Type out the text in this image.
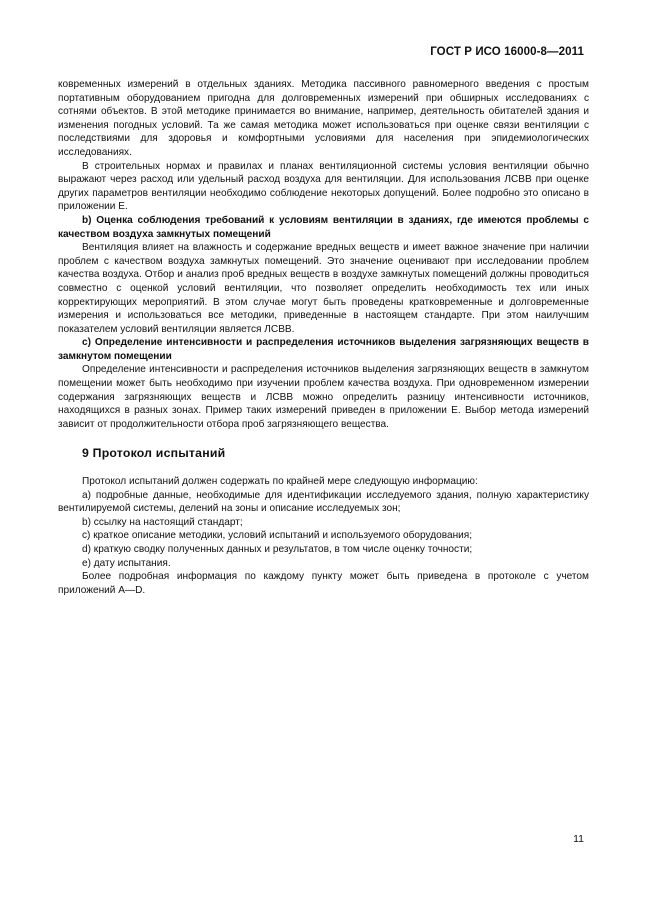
ГОСТ Р ИСО 16000-8—2011

ковременных измерений в отдельных зданиях. Методика пассивного равномерного введения с простым портативным оборудованием пригодна для долговременных измерений при обширных исследованиях с сотнями объектов. В этой методике принимается во внимание, например, деятельность обитателей здания и изменения погодных условий. Та же самая методика может использоваться при оценке связи вентиляции с последствиями для здоровья и комфортными условиями для населения при эпидемиологических исследованиях.

В строительных нормах и правилах и планах вентиляционной системы условия вентиляции обычно выражают через расход или удельный расход воздуха для вентиляции. Для использования ЛСВВ при оценке других параметров вентиляции необходимо соблюдение некоторых допущений. Более подробно это описано в приложении Е.

b) Оценка соблюдения требований к условиям вентиляции в зданиях, где имеются проблемы с качеством воздуха замкнутых помещений

Вентиляция влияет на влажность и содержание вредных веществ и имеет важное значение при наличии проблем с качеством воздуха замкнутых помещений. Это значение оценивают при исследовании проблем качества воздуха. Отбор и анализ проб вредных веществ в воздухе замкнутых помещений должны проводиться совместно с оценкой условий вентиляции, что позволяет определить необходимость тех или иных корректирующих мероприятий. В этом случае могут быть проведены кратковременные и долговременные измерения и использоваться все методики, приведенные в настоящем стандарте. При этом наилучшим показателем условий вентиляции является ЛСВВ.

с) Определение интенсивности и распределения источников выделения загрязняющих веществ в замкнутом помещении

Определение интенсивности и распределения источников выделения загрязняющих веществ в замкнутом помещении может быть необходимо при изучении проблем качества воздуха. При одновременном измерении содержания загрязняющих веществ и ЛСВВ можно определить разницу интенсивности источников, находящихся в разных зонах. Пример таких измерений приведен в приложении Е. Выбор метода измерений зависит от продолжительности отбора проб загрязняющего вещества.

9 Протокол испытаний

Протокол испытаний должен содержать по крайней мере следующую информацию:

а) подробные данные, необходимые для идентификации исследуемого здания, полную характеристику вентилируемой системы, делений на зоны и описание исследуемых зон;

b) ссылку на настоящий стандарт;

с) краткое описание методики, условий испытаний и используемого оборудования;

d) краткую сводку полученных данных и результатов, в том числе оценку точности;

е) дату испытания.

Более подробная информация по каждому пункту может быть приведена в протоколе с учетом приложений А—D.

11
